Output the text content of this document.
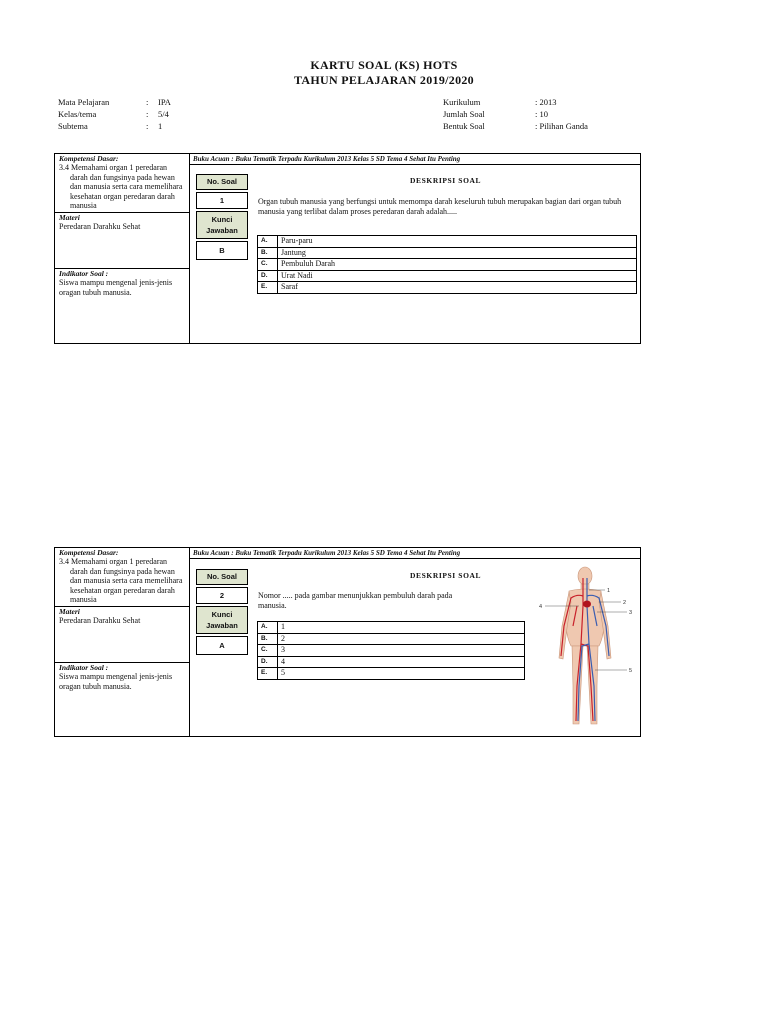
KARTU SOAL (KS) HOTS
TAHUN PELAJARAN 2019/2020
Mata Pelajaran	:	IPA
Kelas/tema	:	5/4
Subtema	:	1
Kurikulum	: 2013
Jumlah Soal	: 10
Bentuk Soal	: Pilihan Ganda
Kompetensi Dasar:
3.4 Memahami organ 1 peredaran darah dan fungsinya pada hewan dan manusia serta cara memelihara kesehatan organ peredaran darah manusia
Materi
Peredaran Darahku Sehat
Indikator Soal :
Siswa mampu mengenal jenis-jenis oragan tubuh manusia.
Buku Acuan : Buku Tematik Terpadu Kurikulum 2013 Kelas 5 SD Tema 4 Sehat Itu Penting
No. Soal
1
Kunci Jawaban
B
DESKRIPSI SOAL
Organ tubuh manusia yang berfungsi untuk memompa darah keseluruh tubuh merupakan bagian dari organ tubuh manusia yang terlibat dalam proses peredaran darah adalah.....
A.	Paru-paru
B.	Jantung
C.	Pembuluh Darah
D.	Urat Nadi
E.	Saraf
Kompetensi Dasar:
3.4 Memahami organ 1 peredaran darah dan fungsinya pada hewan dan manusia serta cara memelihara kesehatan organ peredaran darah manusia
Materi
Peredaran Darahku Sehat
Indikator Soal :
Siswa mampu mengenal jenis-jenis oragan tubuh manusia.
Buku Acuan : Buku Tematik Terpadu Kurikulum 2013 Kelas 5 SD Tema 4 Sehat Itu Penting
No. Soal
2
Kunci Jawaban
A
DESKRIPSI SOAL
Nomor ..... pada gambar menunjukkan pembuluh darah pada manusia.
A.	1
B.	2
C.	3
D.	4
E.	5
1
2
3
4
5
